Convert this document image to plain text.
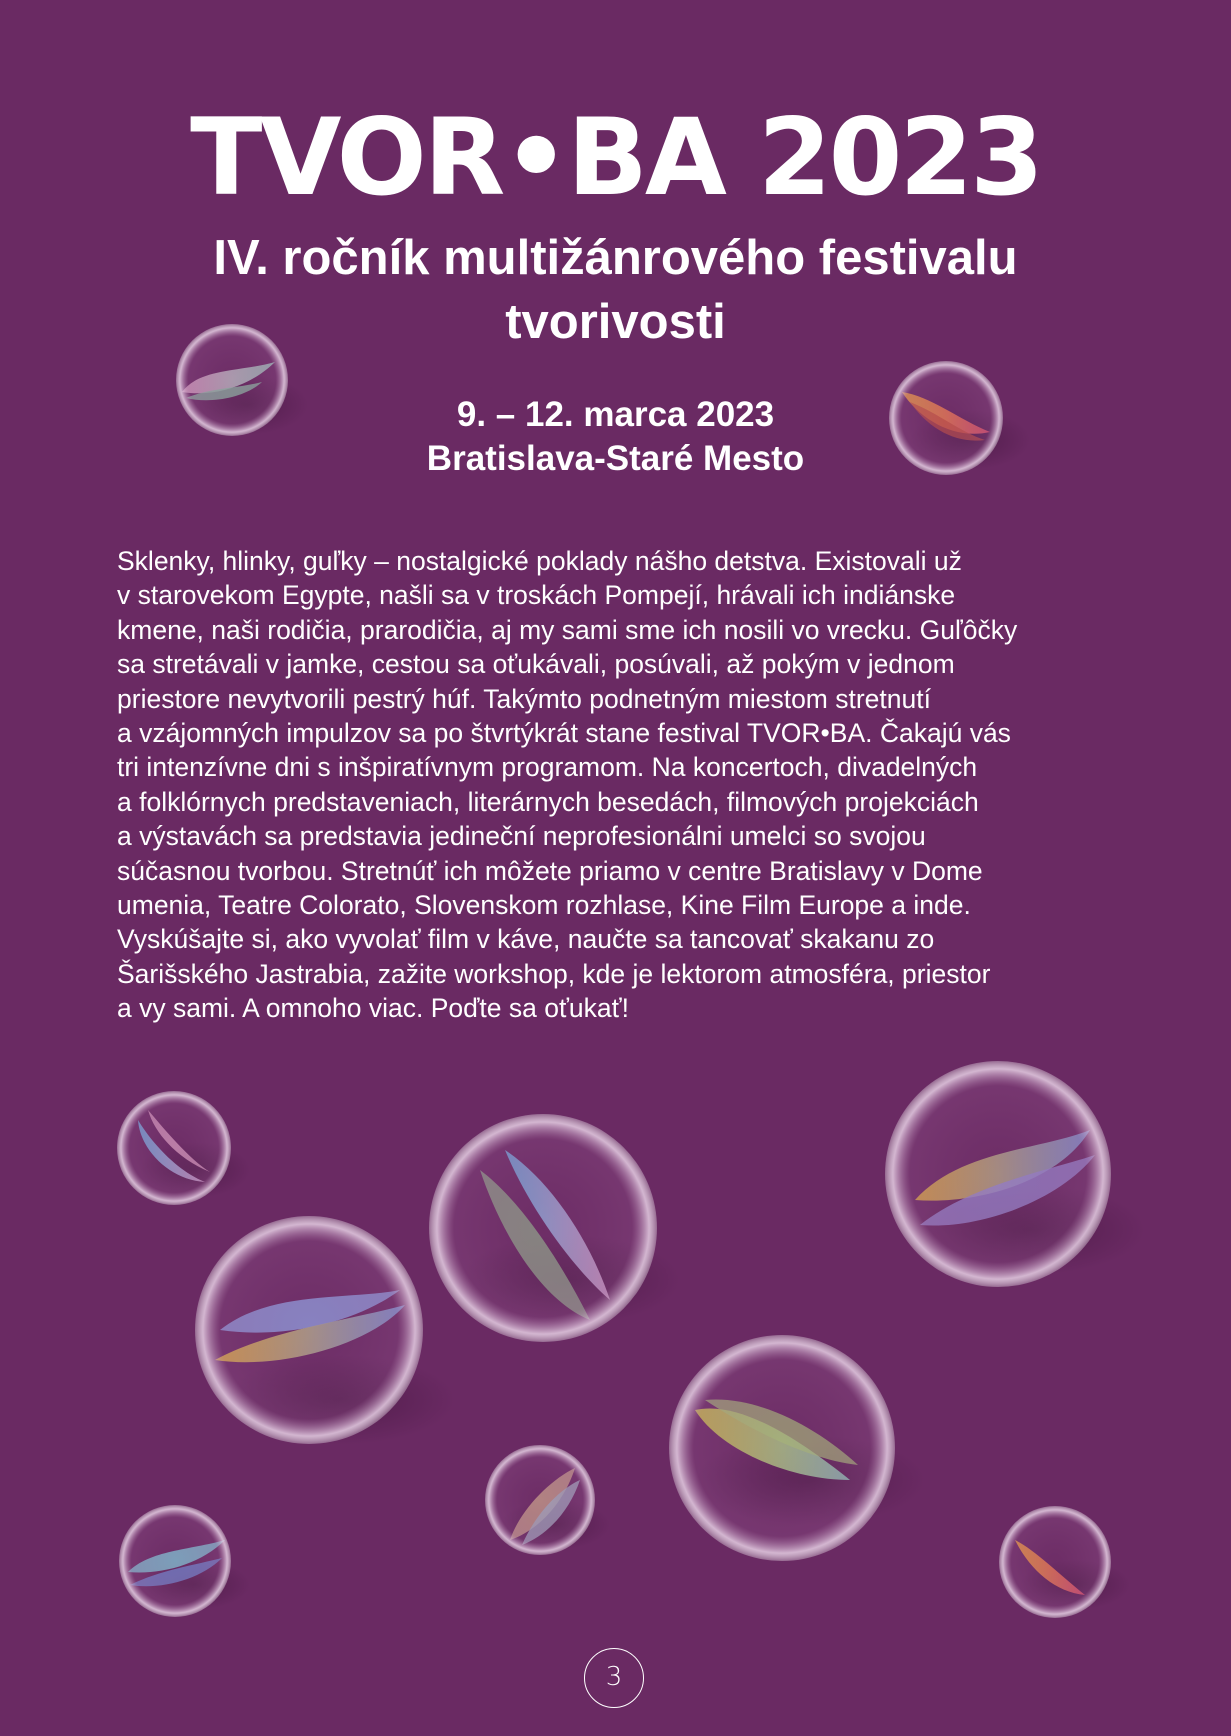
TVOR•BA 2023
IV. ročník multižánrového festivalu tvorivosti
9. – 12. marca 2023
Bratislava-Staré Mesto

Sklenky, hlinky, guľky – nostalgické poklady nášho detstva. Existovali už
v starovekom Egypte, našli sa v troskách Pompejí, hrávali ich indiánske
kmene, naši rodičia, prarodičia, aj my sami sme ich nosili vo vrecku. Guľôčky
sa stretávali v jamke, cestou sa oťukávali, posúvali, až pokým v jednom
priestore nevytvorili pestrý húf. Takýmto podnetným miestom stretnutí
a vzájomných impulzov sa po štvrtýkrát stane festival TVOR•BA. Čakajú vás
tri intenzívne dni s inšpiratívnym programom. Na koncertoch, divadelných
a folklórnych predstaveniach, literárnych besedách, filmových projekciách
a výstavách sa predstavia jedineční neprofesionálni umelci so svojou
súčasnou tvorbou. Stretnúť ich môžete priamo v centre Bratislavy v Dome
umenia, Teatre Colorato, Slovenskom rozhlase, Kine Film Europe a inde.
Vyskúšajte si, ako vyvolať film v káve, naučte sa tancovať skakanu zo
Šarišského Jastrabia, zažite workshop, kde je lektorom atmosféra, priestor
a vy sami. A omnoho viac. Poďte sa oťukať!

3
